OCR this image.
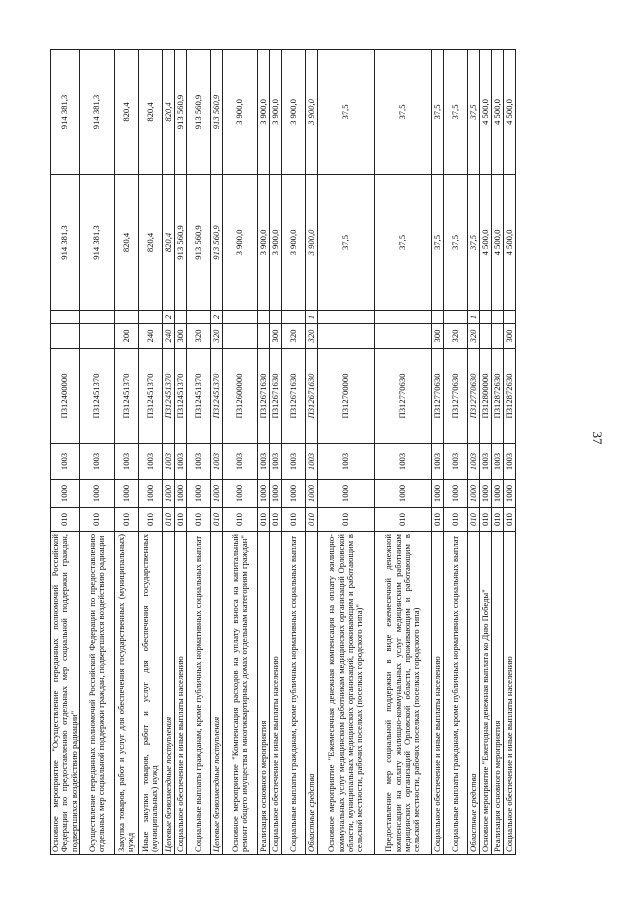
37
Основное мероприятие "Осуществление переданных полномочий Российской Федерации по предоставлению отдельных мер социальной поддержки граждан, подвергшихся воздействию радиации"	010	1000	1003	П312400000			914 381,3	914 381,3
Осуществление переданных полномочий Российской Федерации по предоставлению отдельных мер социальной поддержки граждан, подвергшихся воздействию радиации	010	1000	1003	П312451370			914 381,3	914 381,3
Закупка товаров, работ и услуг для обеспечения государственных (муниципальных) нужд	010	1000	1003	П312451370	200		820,4	820,4
Иные закупки товаров, работ и услуг для обеспечения государственных (муниципальных) нужд	010	1000	1003	П312451370	240		820,4	820,4
Целевые безвозмездные поступления	010	1000	1003	П312451370	240	2	820,4	820,4
Социальное обеспечение и иные выплаты населению	010	1000	1003	П312451370	300		913 560,9	913 560,9
Социальные выплаты гражданам, кроме публичных нормативных социальных выплат	010	1000	1003	П312451370	320		913 560,9	913 560,9
Целевые безвозмездные поступления	010	1000	1003	П312451370	320	2	913 560,9	913 560,9
Основное мероприятие "Компенсация расходов на уплату взноса на капитальный ремонт общего имущества в многоквартирных домах отдельным категориям граждан"	010	1000	1003	П312600000			3 900,0	3 900,0
Реализация основного мероприятия	010	1000	1003	П312671630			3 900,0	3 900,0
Социальное обеспечение и иные выплаты населению	010	1000	1003	П312671630	300		3 900,0	3 900,0
Социальные выплаты гражданам, кроме публичных нормативных социальных выплат	010	1000	1003	П312671630	320		3 900,0	3 900,0
Областные средства	010	1000	1003	П312671630	320	1	3 900,0	3 900,0
Основное мероприятие "Ежемесячная денежная компенсация на оплату жилищно-коммунальных услуг медицинским работникам медицинских организаций Орловской области, муниципальных медицинских организаций, проживающим и работающим в сельской местности, рабочих поселках (поселках городского типа)"	010	1000	1003	П312700000			37,5	37,5
Предоставление мер социальной поддержки в виде ежемесячной денежной компенсации на оплату жилищно-коммунальных услуг медицинским работникам медицинских организаций Орловской области, проживающим и работающим в сельской местности, рабочих поселках (поселках городского типа)	010	1000	1003	П312770630			37,5	37,5
Социальное обеспечение и иные выплаты населению	010	1000	1003	П312770630	300		37,5	37,5
Социальные выплаты гражданам, кроме публичных нормативных социальных выплат	010	1000	1003	П312770630	320		37,5	37,5
Областные средства	010	1000	1003	П312770630	320	1	37,5	37,5
Основное мероприятие "Ежегодная денежная выплата ко Дню Победы"	010	1000	1003	П312800000			4 500,0	4 500,0
Реализация основного мероприятия	010	1000	1003	П312872630			4 500,0	4 500,0
Социальное обеспечение и иные выплаты населению	010	1000	1003	П312872630	300		4 500,0	4 500,0
